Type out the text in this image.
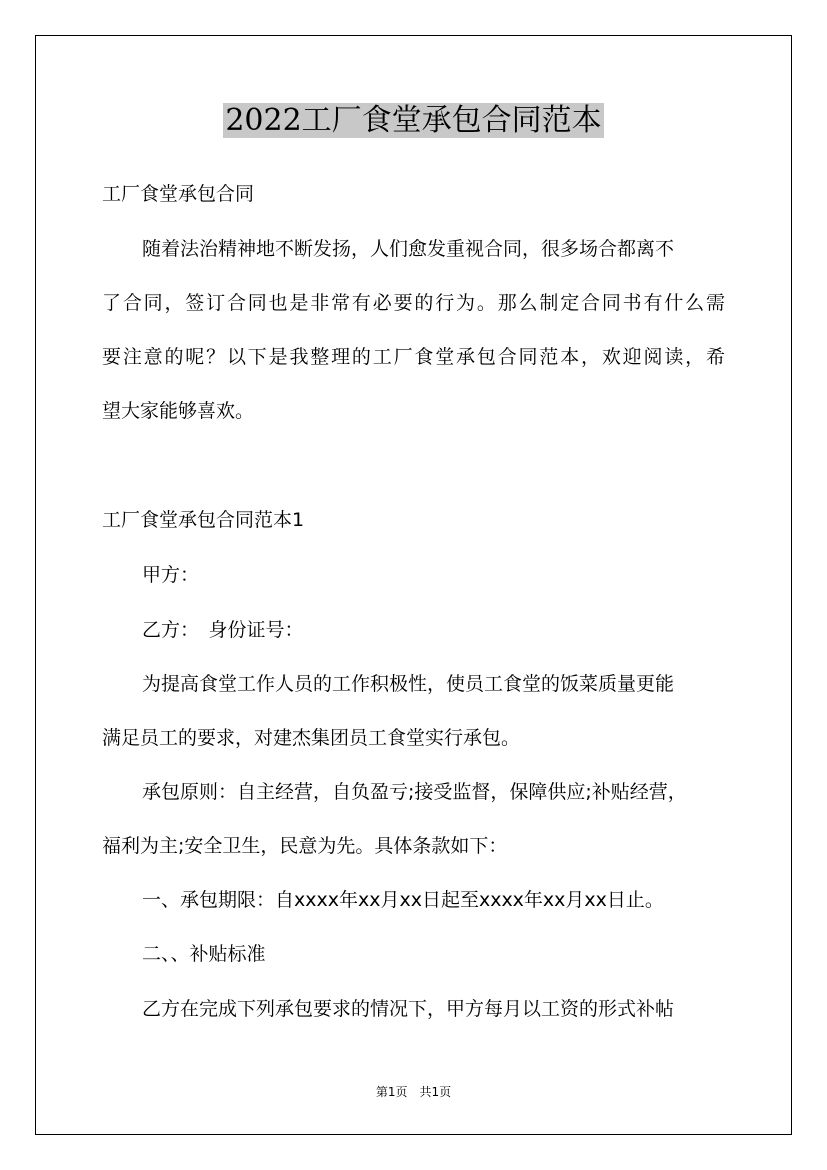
2022工厂食堂承包合同范本
工厂食堂承包合同
随着法治精神地不断发扬，人们愈发重视合同，很多场合都离不
了合同，签订合同也是非常有必要的行为。那么制定合同书有什么需
要注意的呢？以下是我整理的工厂食堂承包合同范本，欢迎阅读，希
望大家能够喜欢。
工厂食堂承包合同范本1
甲方：
乙方：　身份证号：
为提高食堂工作人员的工作积极性，使员工食堂的饭菜质量更能
满足员工的要求，对建杰集团员工食堂实行承包。
承包原则：自主经营，自负盈亏;接受监督，保障供应;补贴经营，
福利为主;安全卫生，民意为先。具体条款如下：
一、承包期限：自xxxx年xx月xx日起至xxxx年xx月xx日止。
二、、补贴标准
乙方在完成下列承包要求的情况下，甲方每月以工资的形式补帖
第1页　共1页
